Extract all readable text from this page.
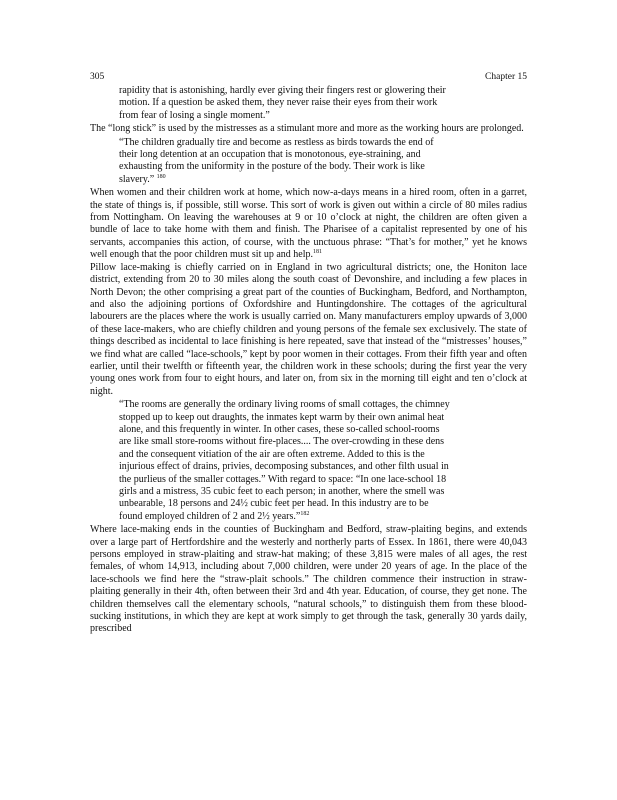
305	Chapter 15
rapidity that is astonishing, hardly ever giving their fingers rest or glowering their
motion. If a question be asked them, they never raise their eyes from their work
from fear of losing a single moment.”

The “long stick” is used by the mistresses as a stimulant more and more as the working hours are prolonged.

“The children gradually tire and become as restless as birds towards the end of
their long detention at an occupation that is monotonous, eye-straining, and
exhausting from the uniformity in the posture of the body. Their work is like
slavery.” $^{180}$

When women and their children work at home, which now-a-days means in a hired room, often in a garret, the state of things is, if possible, still worse. This sort of work is given out within a circle of 80 miles radius from Nottingham. On leaving the warehouses at 9 or 10 o’clock at night, the children are often given a bundle of lace to take home with them and finish. The Pharisee of a capitalist represented by one of his servants, accompanies this action, of course, with the unctuous phrase: “That’s for mother,” yet he knows well enough that the poor children must sit up and help.$^{181}$

Pillow lace-making is chiefly carried on in England in two agricultural districts; one, the Honiton lace district, extending from 20 to 30 miles along the south coast of Devonshire, and including a few places in North Devon; the other comprising a great part of the counties of Buckingham, Bedford, and Northampton, and also the adjoining portions of Oxfordshire and Huntingdonshire. The cottages of the agricultural labourers are the places where the work is usually carried on. Many manufacturers employ upwards of 3,000 of these lace-makers, who are chiefly children and young persons of the female sex exclusively. The state of things described as incidental to lace finishing is here repeated, save that instead of the “mistresses’ houses,” we find what are called “lace-schools,” kept by poor women in their cottages. From their fifth year and often earlier, until their twelfth or fifteenth year, the children work in these schools; during the first year the very young ones work from four to eight hours, and later on, from six in the morning till eight and ten o’clock at night.

“The rooms are generally the ordinary living rooms of small cottages, the chimney
stopped up to keep out draughts, the inmates kept warm by their own animal heat
alone, and this frequently in winter. In other cases, these so-called school-rooms
are like small store-rooms without fire-places.... The over-crowding in these dens
and the consequent vitiation of the air are often extreme. Added to this is the
injurious effect of drains, privies, decomposing substances, and other filth usual in
the purlieus of the smaller cottages.” With regard to space: “In one lace-school 18
girls and a mistress, 35 cubic feet to each person; in another, where the smell was
unbearable, 18 persons and 24½ cubic feet per head. In this industry are to be
found employed children of 2 and 2½ years.”$^{182}$

Where lace-making ends in the counties of Buckingham and Bedford, straw-plaiting begins, and extends over a large part of Hertfordshire and the westerly and northerly parts of Essex. In 1861, there were 40,043 persons employed in straw-plaiting and straw-hat making; of these 3,815 were males of all ages, the rest females, of whom 14,913, including about 7,000 children, were under 20 years of age. In the place of the lace-schools we find here the “straw-plait schools.” The children commence their instruction in straw-plaiting generally in their 4th, often between their 3rd and 4th year. Education, of course, they get none. The children themselves call the elementary schools, “natural schools,” to distinguish them from these blood-sucking institutions, in which they are kept at work simply to get through the task, generally 30 yards daily, prescribed
